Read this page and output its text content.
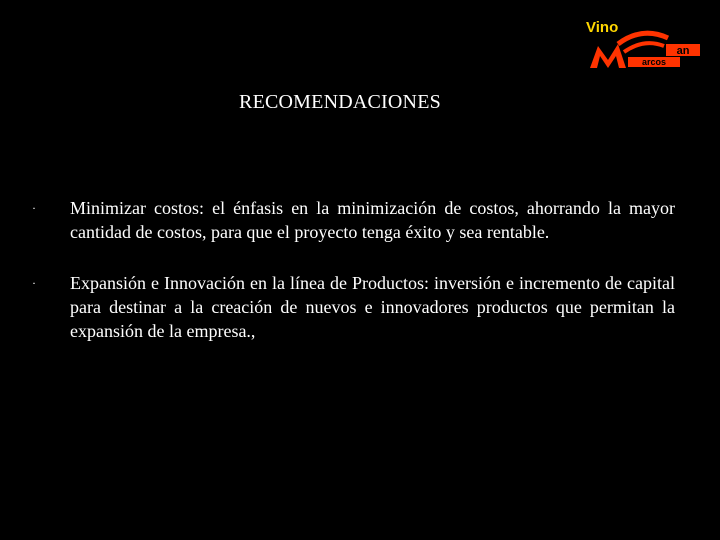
Vino
an
arcos
RECOMENDACIONES
·	Minimizar costos: el énfasis en la minimización de costos, ahorrando la mayor cantidad de costos, para que el proyecto tenga éxito y sea rentable.
·	Expansión e Innovación en la línea de Productos: inversión e incremento de capital para destinar a la creación de nuevos e innovadores productos que permitan la expansión de la empresa.,
